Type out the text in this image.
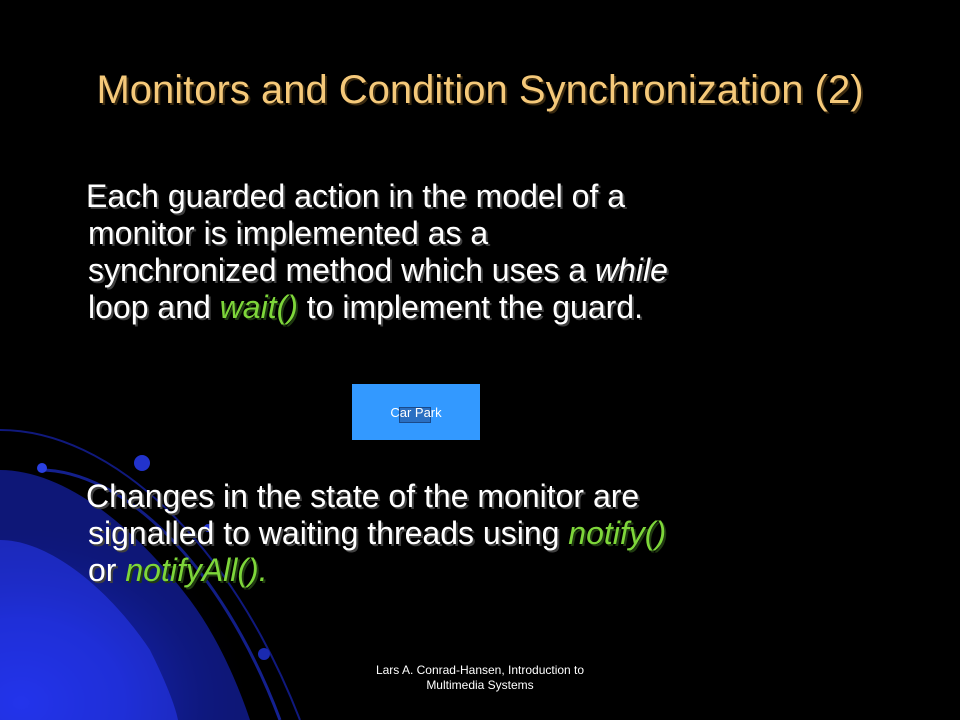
Monitors and Condition Synchronization (2)

Each guarded action in the model of a
monitor is implemented as a
synchronized method which uses a while
loop and wait() to implement the guard.

Car Park

Changes in the state of the monitor are
signalled to waiting threads using notify()
or notifyAll().

Lars A. Conrad-Hansen, Introduction to
Multimedia Systems
